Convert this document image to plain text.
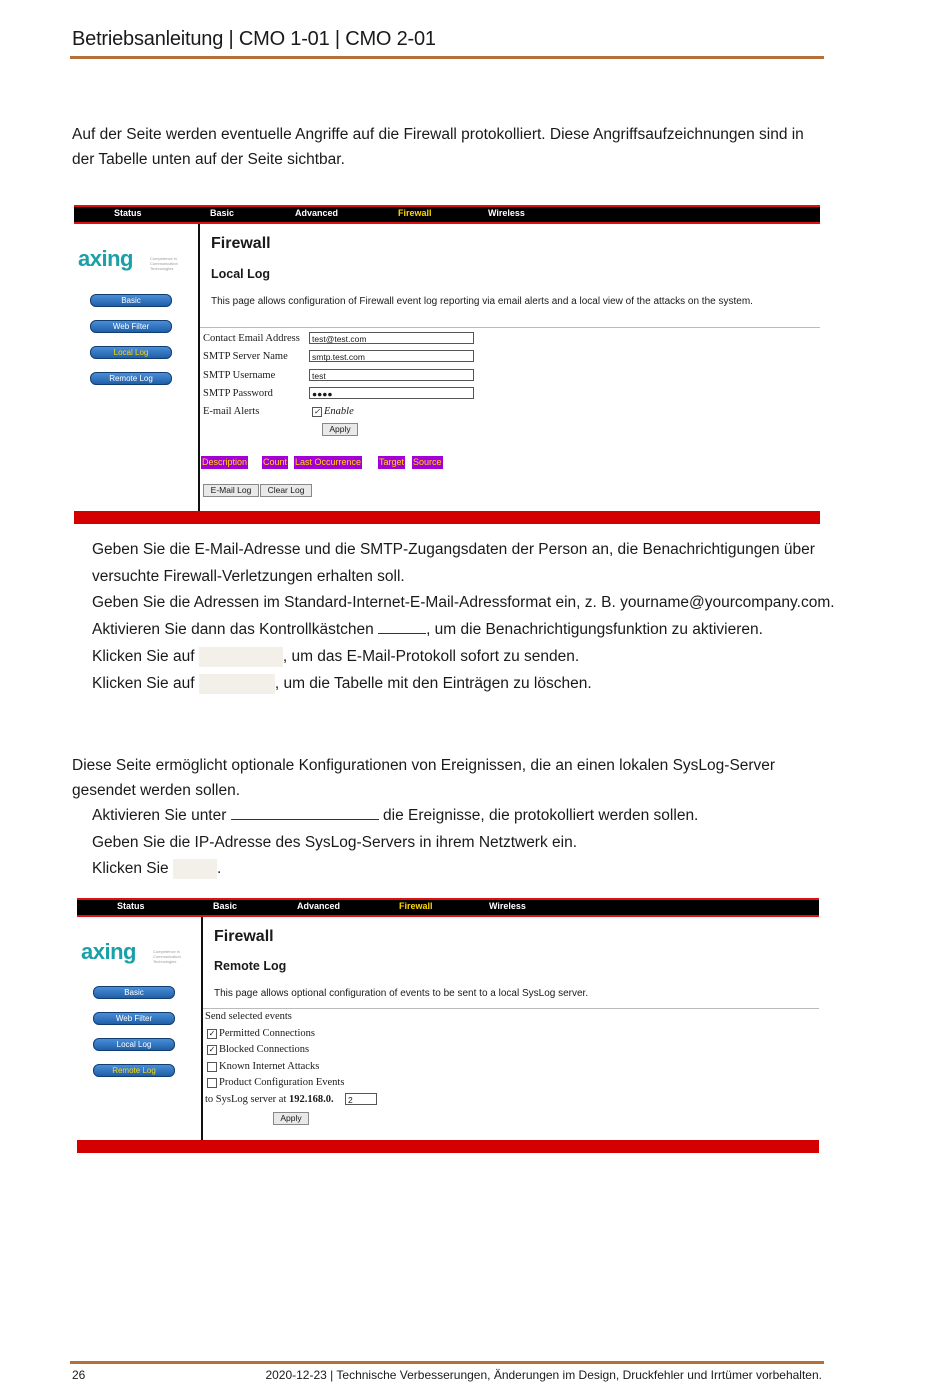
Betriebsanleitung | CMO 1-01 | CMO 2-01
Auf der Seite werden eventuelle Angriffe auf die Firewall protokolliert. Diese Angriffsaufzeichnungen sind in der Tabelle unten auf der Seite sichtbar.
Status	Basic	Advanced	Firewall	Wireless
axing	Competence in Communication Technologies
Basic
Web Filter
Local Log
Remote Log
Firewall
Local Log
This page allows configuration of Firewall event log reporting via email alerts and a local view of the attacks on the system.
Contact Email Address	test@test.com
SMTP Server Name	smtp.test.com
SMTP Username	test
SMTP Password	●●●●
E-mail Alerts	✓ Enable
Apply
Description Count Last Occurrence Target Source
E-Mail Log	Clear Log
Geben Sie die E-Mail-Adresse und die SMTP-Zugangsdaten der Person an, die Benachrichtigungen über
versuchte Firewall-Verletzungen erhalten soll.
Geben Sie die Adressen im Standard-Internet-E-Mail-Adressformat ein, z. B. yourname@yourcompany.com.
Aktivieren Sie dann das Kontrollkästchen	, um die Benachrichtigungsfunktion zu aktivieren.
Klicken Sie auf	, um das E-Mail-Protokoll sofort zu senden.
Klicken Sie auf	, um die Tabelle mit den Einträgen zu löschen.
Diese Seite ermöglicht optionale Konfigurationen von Ereignissen, die an einen lokalen SysLog-Server gesendet werden sollen.
Aktivieren Sie unter	die Ereignisse, die protokolliert werden sollen.
Geben Sie die IP-Adresse des SysLog-Servers in ihrem Netztwerk ein.
Klicken Sie	.
Status	Basic	Advanced	Firewall	Wireless
axing	Competence in Communication Technologies
Basic
Web Filter
Local Log
Remote Log
Firewall
Remote Log
This page allows optional configuration of events to be sent to a local SysLog server.
Send selected events
✓ Permitted Connections
✓ Blocked Connections
Known Internet Attacks
Product Configuration Events
to SysLog server at 192.168.0.	2
Apply
26	2020-12-23 | Technische Verbesserungen, Änderungen im Design, Druckfehler und Irrtümer vorbehalten.
